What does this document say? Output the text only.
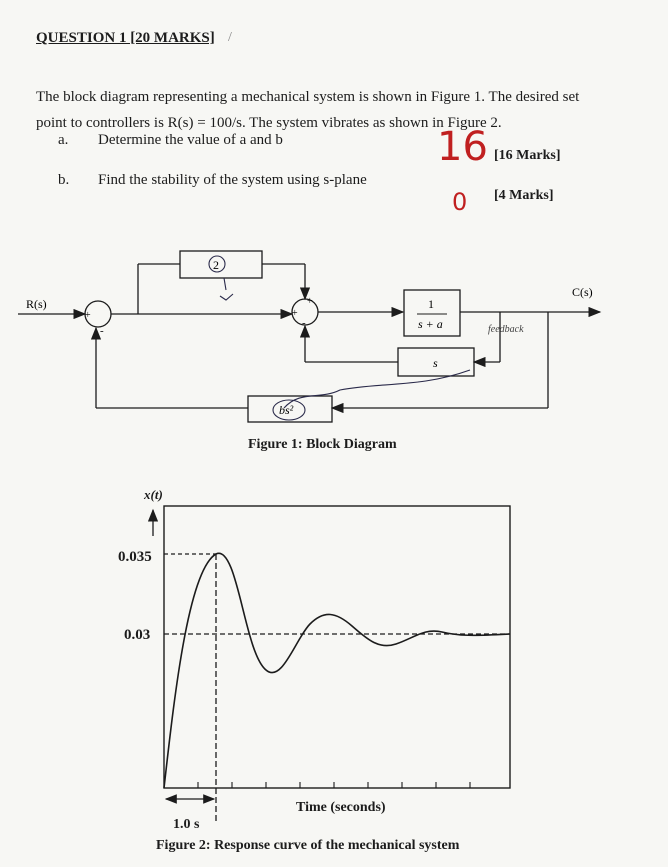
QUESTION 1 [20 MARKS] /
The block diagram representing a mechanical system is shown in Figure 1. The desired set
point to controllers is R(s) = 100/s. The system vibrates as shown in Figure 2.
a. Determine the value of a and b	16 [16 Marks]
b. Find the stability of the system using s-plane
0 [4 Marks]
R(s)
C(s)
+
-
+
+
-
2
1
s + a
s
bs²
feedback
Figure 1: Block Diagram
x(t)
0.035
0.03
Time (seconds)
1.0 s
Figure 2: Response curve of the mechanical system
